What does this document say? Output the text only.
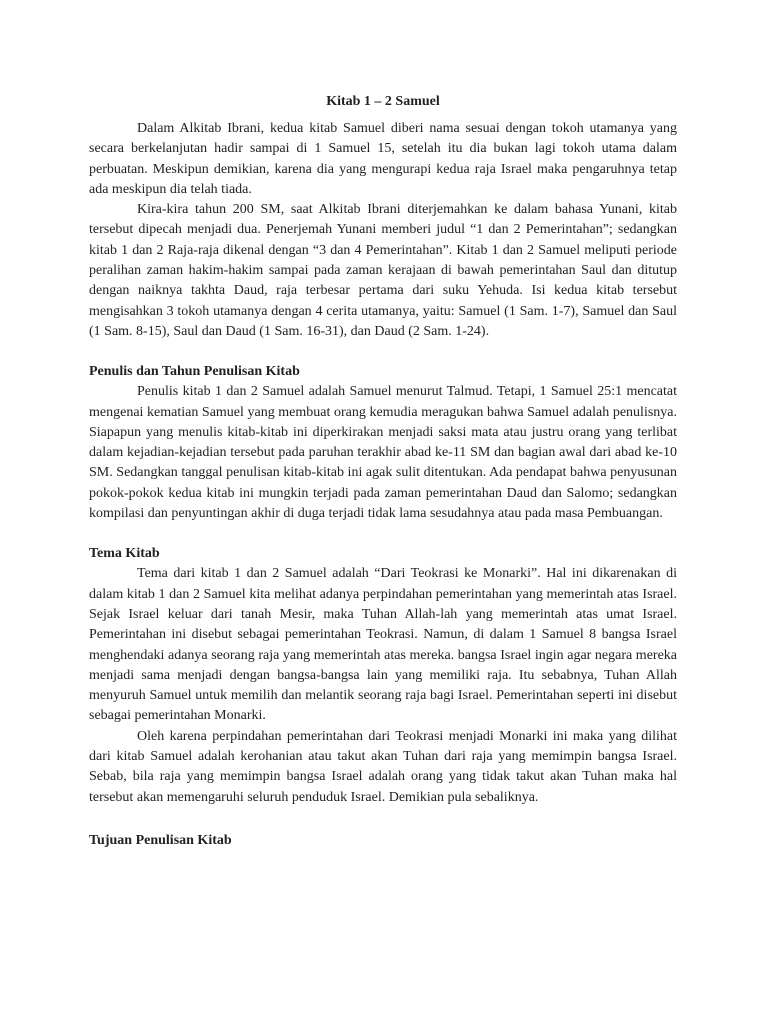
Kitab 1 – 2 Samuel

Dalam Alkitab Ibrani, kedua kitab Samuel diberi nama sesuai dengan tokoh utamanya yang secara berkelanjutan hadir sampai di 1 Samuel 15, setelah itu dia bukan lagi tokoh utama dalam perbuatan. Meskipun demikian, karena dia yang mengurapi kedua raja Israel maka pengaruhnya tetap ada meskipun dia telah tiada.

Kira-kira tahun 200 SM, saat Alkitab Ibrani diterjemahkan ke dalam bahasa Yunani, kitab tersebut dipecah menjadi dua. Penerjemah Yunani memberi judul “1 dan 2 Pemerintahan”; sedangkan kitab 1 dan 2 Raja-raja dikenal dengan “3 dan 4 Pemerintahan”. Kitab 1 dan 2 Samuel meliputi periode peralihan zaman hakim-hakim sampai pada zaman kerajaan di bawah pemerintahan Saul dan ditutup dengan naiknya takhta Daud, raja terbesar pertama dari suku Yehuda. Isi kedua kitab tersebut mengisahkan 3 tokoh utamanya dengan 4 cerita utamanya, yaitu: Samuel (1 Sam. 1-7), Samuel dan Saul (1 Sam. 8-15), Saul dan Daud (1 Sam. 16-31), dan Daud (2 Sam. 1-24).

Penulis dan Tahun Penulisan Kitab

Penulis kitab 1 dan 2 Samuel adalah Samuel menurut Talmud. Tetapi, 1 Samuel 25:1 mencatat mengenai kematian Samuel yang membuat orang kemudia meragukan bahwa Samuel adalah penulisnya. Siapapun yang menulis kitab-kitab ini diperkirakan menjadi saksi mata atau justru orang yang terlibat dalam kejadian-kejadian tersebut pada paruhan terakhir abad ke-11 SM dan bagian awal dari abad ke-10 SM. Sedangkan tanggal penulisan kitab-kitab ini agak sulit ditentukan. Ada pendapat bahwa penyusunan pokok-pokok kedua kitab ini mungkin terjadi pada zaman pemerintahan Daud dan Salomo; sedangkan kompilasi dan penyuntingan akhir di duga terjadi tidak lama sesudahnya atau pada masa Pembuangan.

Tema Kitab

Tema dari kitab 1 dan 2 Samuel adalah “Dari Teokrasi ke Monarki”. Hal ini dikarenakan di dalam kitab 1 dan 2 Samuel kita melihat adanya perpindahan pemerintahan yang memerintah atas Israel. Sejak Israel keluar dari tanah Mesir, maka Tuhan Allah-lah yang memerintah atas umat Israel. Pemerintahan ini disebut sebagai pemerintahan Teokrasi. Namun, di dalam 1 Samuel 8 bangsa Israel menghendaki adanya seorang raja yang memerintah atas mereka. bangsa Israel ingin agar negara mereka menjadi sama menjadi dengan bangsa-bangsa lain yang memiliki raja. Itu sebabnya, Tuhan Allah menyuruh Samuel untuk memilih dan melantik seorang raja bagi Israel. Pemerintahan seperti ini disebut sebagai pemerintahan Monarki.

Oleh karena perpindahan pemerintahan dari Teokrasi menjadi Monarki ini maka yang dilihat dari kitab Samuel adalah kerohanian atau takut akan Tuhan dari raja yang memimpin bangsa Israel. Sebab, bila raja yang memimpin bangsa Israel adalah orang yang tidak takut akan Tuhan maka hal tersebut akan memengaruhi seluruh penduduk Israel. Demikian pula sebaliknya.

Tujuan Penulisan Kitab
